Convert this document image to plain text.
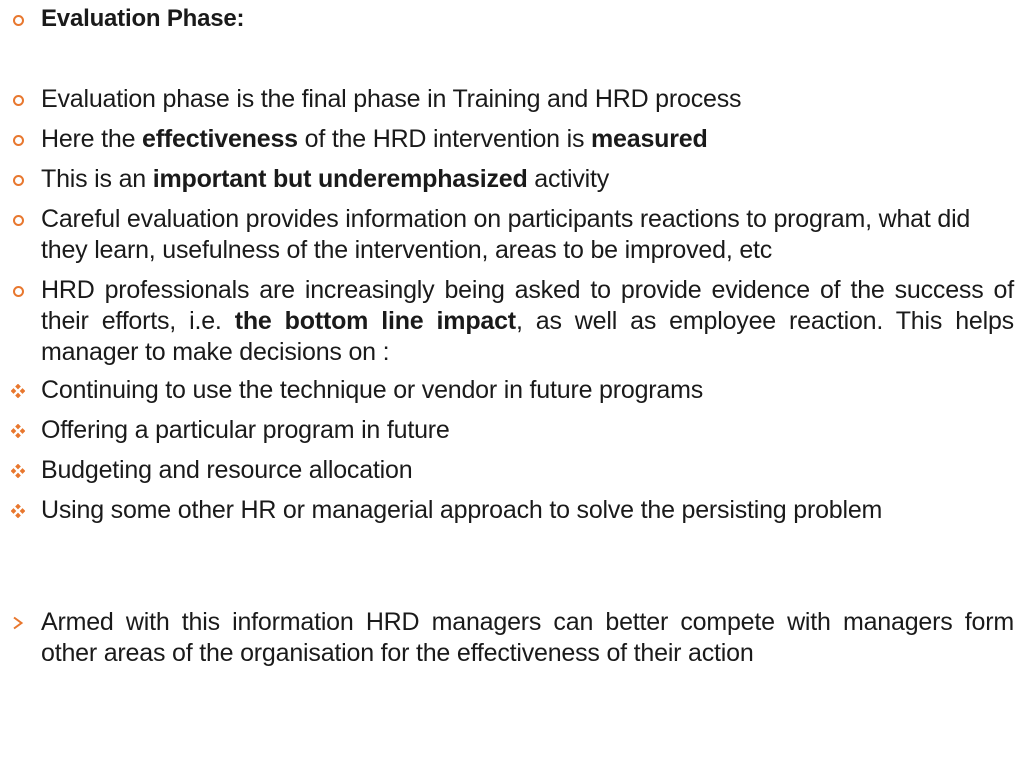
Evaluation Phase:
Evaluation phase is the final phase in Training and HRD process
Here the effectiveness of the HRD intervention is measured
This is an important but underemphasized activity
Careful evaluation provides information on participants reactions to program, what did they learn, usefulness of the intervention, areas to be improved, etc
HRD professionals are increasingly being asked to provide evidence of the success of their efforts, i.e. the bottom line impact, as well as employee reaction. This helps manager to make decisions on :
Continuing to use the technique or vendor in future programs
Offering a particular program in future
Budgeting and resource allocation
Using some other HR or managerial approach to solve the persisting problem
Armed with this information HRD managers can better compete with managers form other areas of the organisation for the effectiveness of their action
